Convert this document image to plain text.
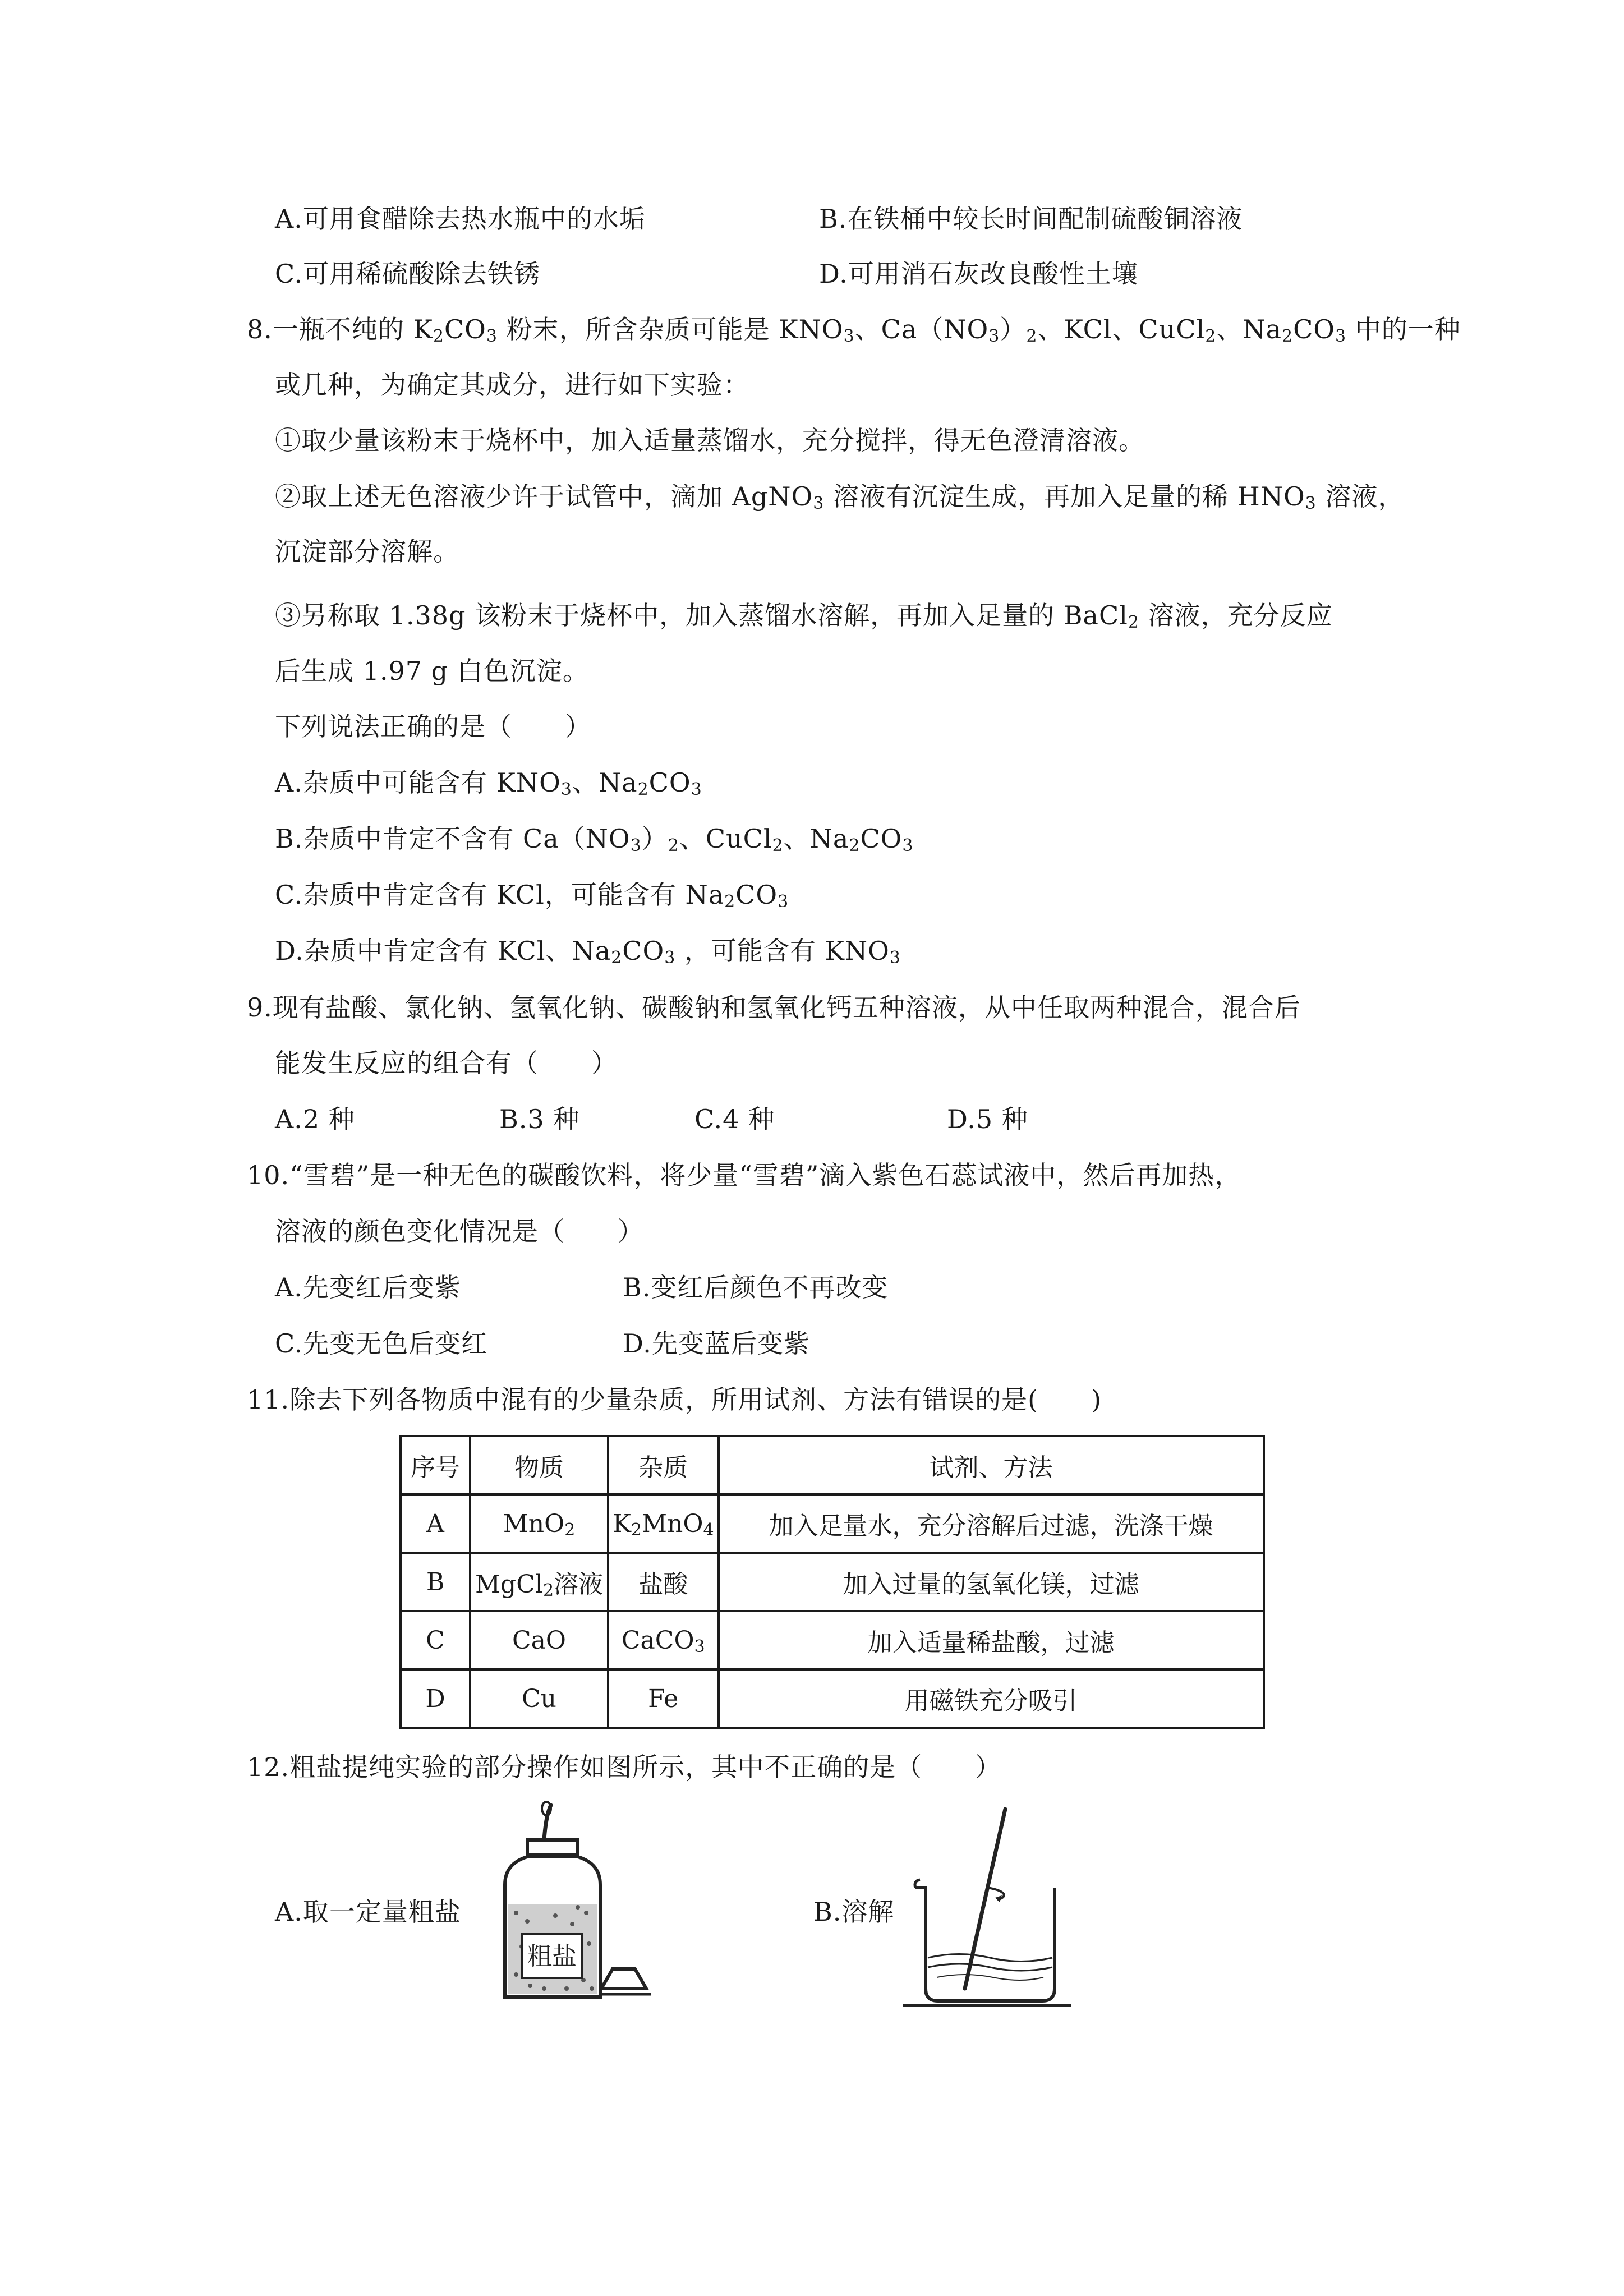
A.可用食醋除去热水瓶中的水垢	B.在铁桶中较长时间配制硫酸铜溶液
C.可用稀硫酸除去铁锈	D.可用消石灰改良酸性土壤
8.一瓶不纯的 $K_2CO_3$ 粉末，所含杂质可能是 $KNO_3$、$Ca(NO_3)_2$、KCl、CuCl$_2$、$Na_2CO_3$ 中的一种
或几种，为确定其成分，进行如下实验：
①取少量该粉末于烧杯中，加入适量蒸馏水，充分搅拌，得无色澄清溶液。
②取上述无色溶液少许于试管中，滴加 AgNO$_3$ 溶液有沉淀生成，再加入足量的稀 $HNO_3$ 溶液，
沉淀部分溶解。
③另称取 1.38g 该粉末于烧杯中，加入蒸馏水溶解，再加入足量的 BaCl$_2$ 溶液，充分反应
后生成 1.97 g 白色沉淀。
下列说法正确的是（　　）
A.杂质中可能含有 $KNO_3$、$Na_2CO_3$
B.杂质中肯定不含有 $Ca(NO_3)_2$、CuCl$_2$、$Na_2CO_3$
C.杂质中肯定含有 KCl，可能含有 $Na_2CO_3$
D.杂质中肯定含有 KCl、$Na_2CO_3$ ，可能含有 $KNO_3$
9.现有盐酸、氯化钠、氢氧化钠、碳酸钠和氢氧化钙五种溶液，从中任取两种混合，混合后
能发生反应的组合有（　　）
A.2 种	B.3 种	C.4 种	D.5 种
10.“雪碧”是一种无色的碳酸饮料，将少量“雪碧”滴入紫色石蕊试液中，然后再加热，
溶液的颜色变化情况是（　　）
A.先变红后变紫	B.变红后颜色不再改变
C.先变无色后变红	D.先变蓝后变紫
11.除去下列各物质中混有的少量杂质，所用试剂、方法有错误的是(　　)
序号	物质	杂质	试剂、方法
A	MnO$_2$	$K_2MnO_4$	加入足量水，充分溶解后过滤，洗涤干燥
B	MgCl$_2$溶液	盐酸	加入过量的氢氧化镁，过滤
C	CaO	CaCO$_3$	加入适量稀盐酸，过滤
D	Cu	Fe	用磁铁充分吸引
12.粗盐提纯实验的部分操作如图所示，其中不正确的是（　　）
A.取一定量粗盐	B.溶解
粗盐
